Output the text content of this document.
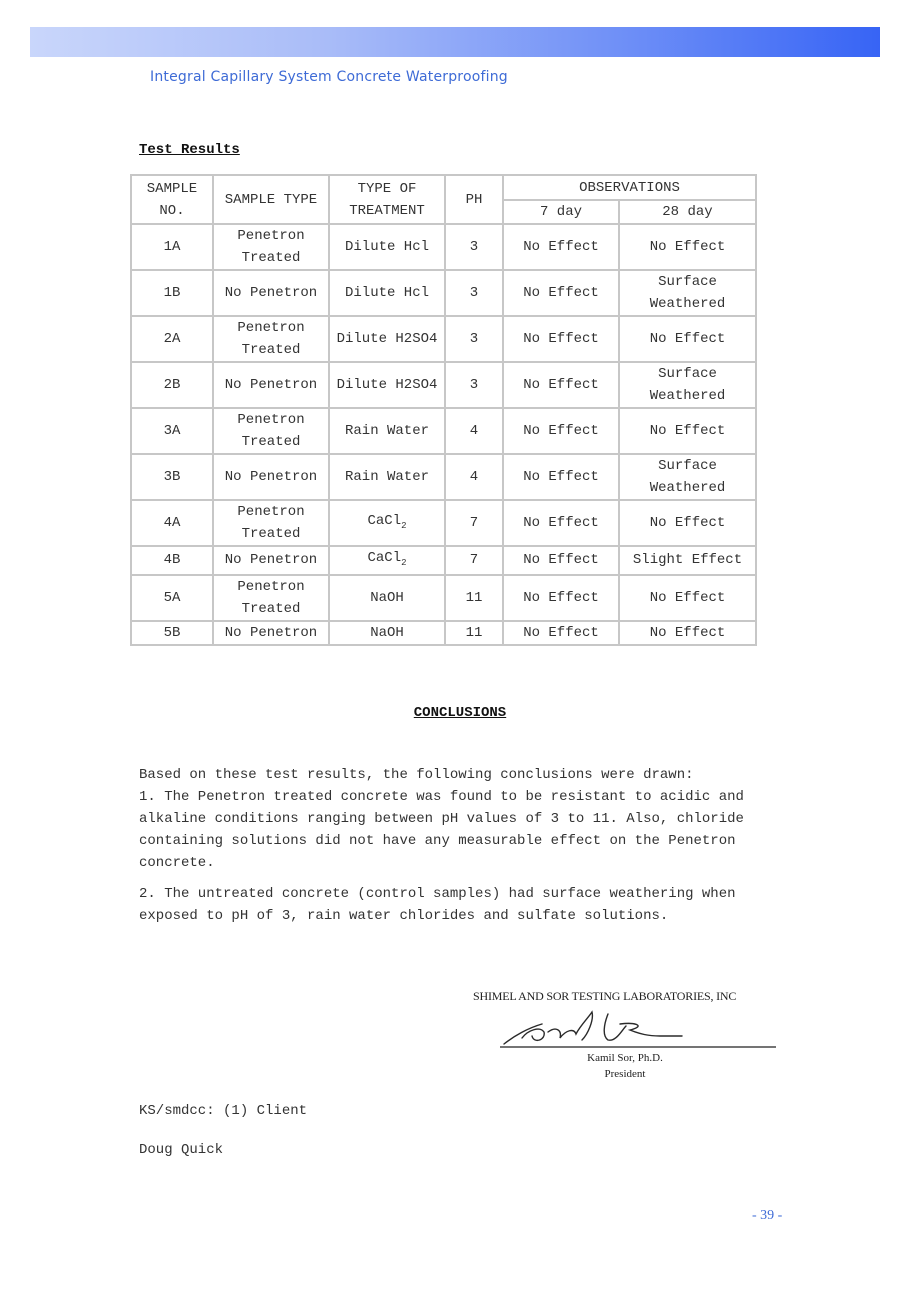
Integral Capillary System Concrete Waterproofing
Test Results
SAMPLE NO.	SAMPLE TYPE	TYPE OF TREATMENT	PH	OBSERVATIONS	
				7 day	28 day
1A	Penetron Treated	Dilute Hcl	3	No Effect	No Effect
1B	No Penetron	Dilute Hcl	3	No Effect	Surface Weathered
2A	Penetron Treated	Dilute H2SO4	3	No Effect	No Effect
2B	No Penetron	Dilute H2SO4	3	No Effect	Surface Weathered
3A	Penetron Treated	Rain Water	4	No Effect	No Effect
3B	No Penetron	Rain Water	4	No Effect	Surface Weathered
4A	Penetron Treated	CaCl$_2$	7	No Effect	No Effect
4B	No Penetron	CaCl$_2$	7	No Effect	Slight Effect
5A	Penetron Treated	NaOH	11	No Effect	No Effect
5B	No Penetron	NaOH	11	No Effect	No Effect
CONCLUSIONS
Based on these test results, the following conclusions were drawn:
1. The Penetron treated concrete was found to be resistant to acidic and alkaline conditions ranging between pH values of 3 to 11. Also, chloride containing solutions did not have any measurable effect on the Penetron concrete.
2. The untreated concrete (control samples) had surface weathering when exposed to pH of 3, rain water chlorides and sulfate solutions.
SHIMEL AND SOR TESTING LABORATORIES, INC
Kamil Sor, Ph.D.
President
KS/smdcc: (1) Client
Doug Quick
- 39 -
